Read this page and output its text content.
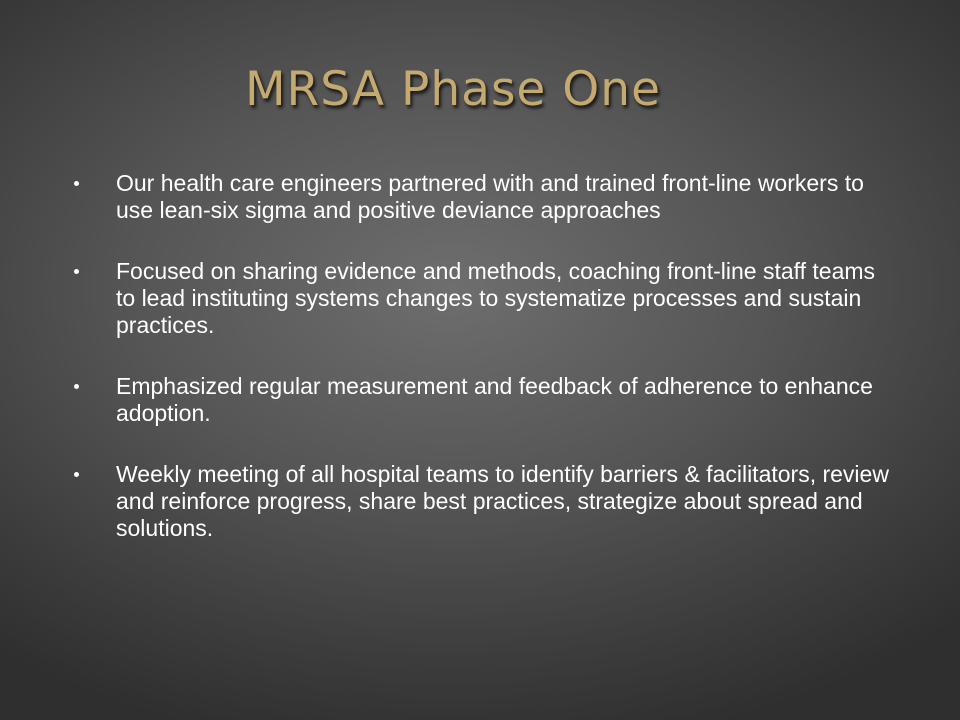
MRSA Phase One
Our health care engineers partnered with and trained front-line workers to use lean-six sigma and positive deviance approaches
Focused on sharing evidence and methods, coaching front-line staff teams to lead instituting systems changes to systematize processes and sustain practices.
Emphasized regular measurement and feedback of adherence to enhance adoption.
Weekly meeting of all hospital teams to identify barriers & facilitators, review and reinforce progress, share best practices, strategize about spread and solutions.
